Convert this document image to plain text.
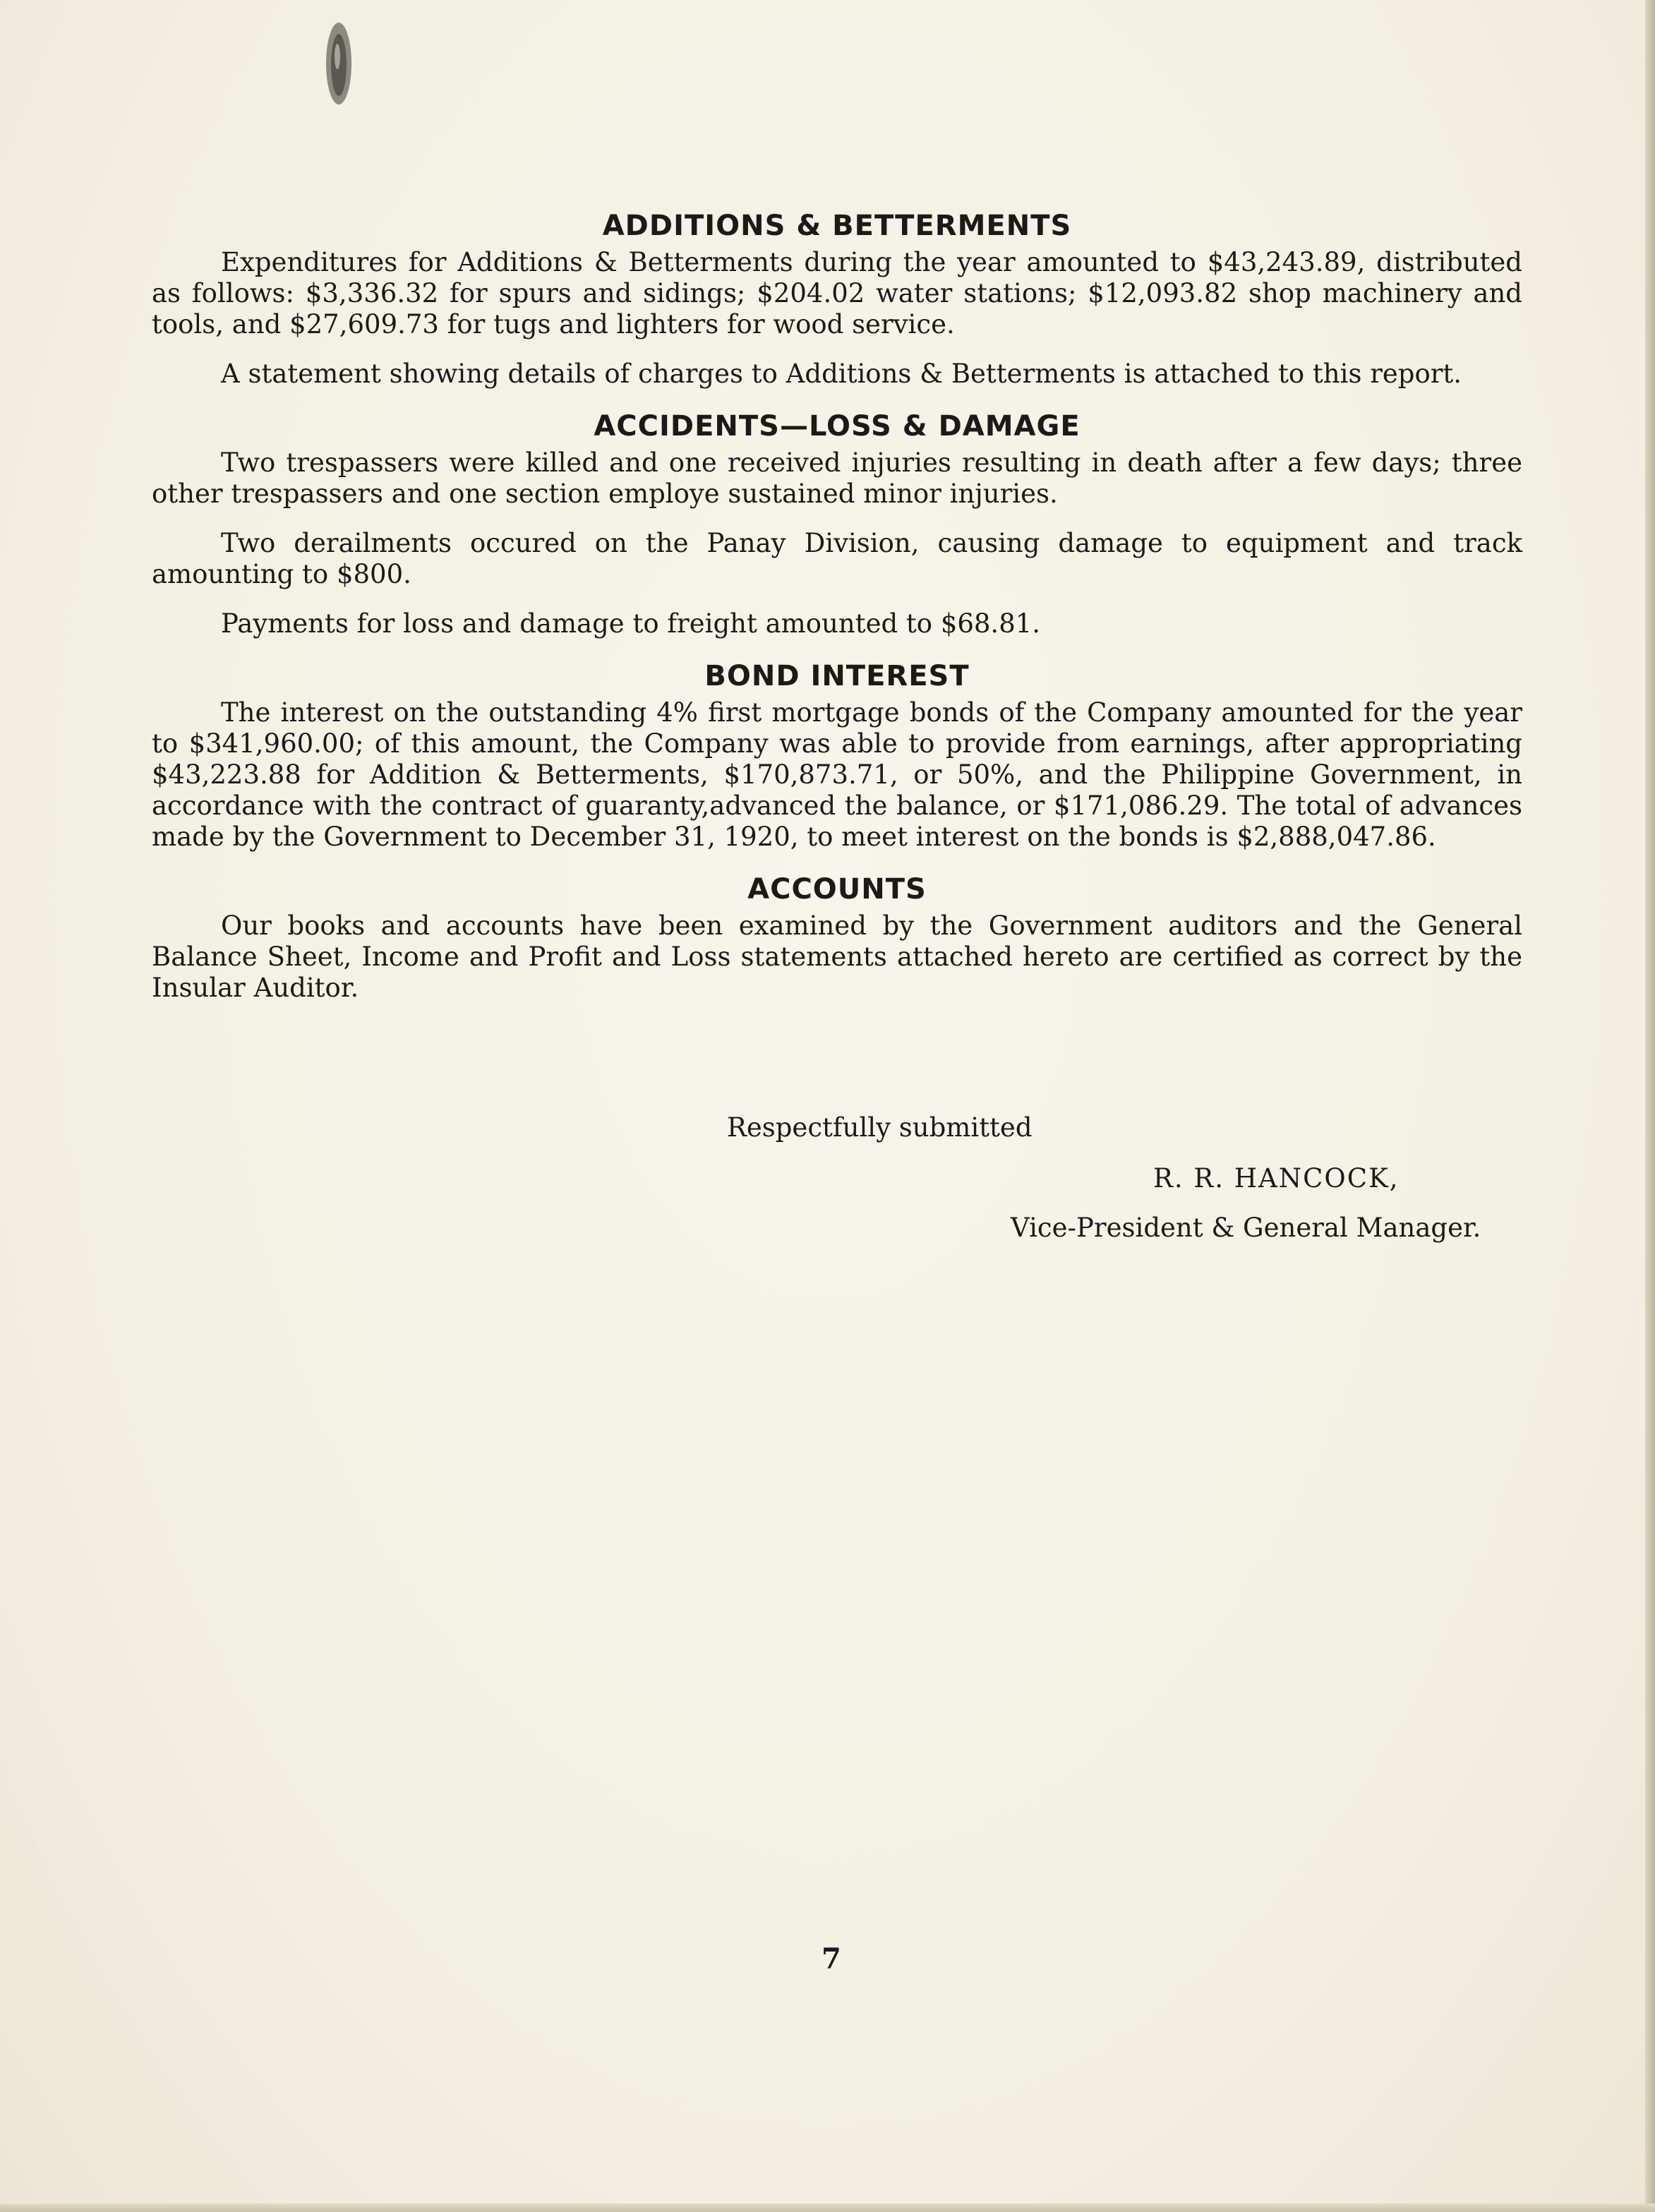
ADDITIONS & BETTERMENTS

Expenditures for Additions & Betterments during the year amounted to $43,243.89, distributed as follows: $3,336.32 for spurs and sidings; $204.02 water stations; $12,093.82 shop machinery and tools, and $27,609.73 for tugs and lighters for wood service.

A statement showing details of charges to Additions & Betterments is attached to this report.

ACCIDENTS—LOSS & DAMAGE

Two trespassers were killed and one received injuries resulting in death after a few days; three other trespassers and one section employe sustained minor injuries.

Two derailments occured on the Panay Division, causing damage to equipment and track amounting to $800.

Payments for loss and damage to freight amounted to $68.81.

BOND INTEREST

The interest on the outstanding 4% first mortgage bonds of the Company amounted for the year to $341,960.00; of this amount, the Company was able to provide from earnings, after appropriating $43,223.88 for Addition & Betterments, $170,873.71, or 50%, and the Philippine Government, in accordance with the contract of guaranty,advanced the balance, or $171,086.29. The total of advances made by the Government to December 31, 1920, to meet interest on the bonds is $2,888,047.86.

ACCOUNTS

Our books and accounts have been examined by the Government auditors and the General Balance Sheet, Income and Profit and Loss statements attached hereto are certified as correct by the Insular Auditor.

Respectfully submitted

R. R. HANCOCK,

Vice-President & General Manager.

7
